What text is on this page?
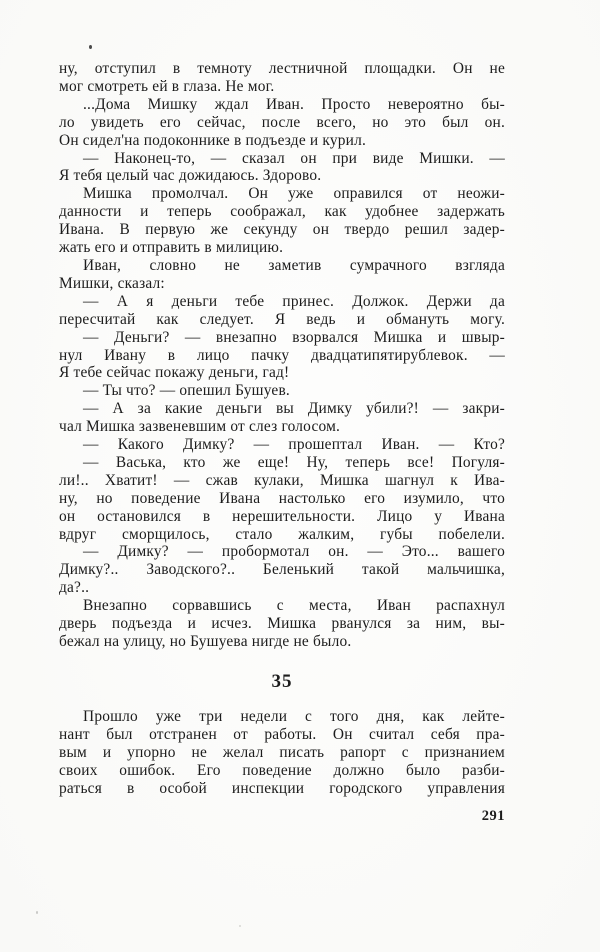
ну, отступил в темноту лестничной площадки. Он не
мог смотреть ей в глаза. Не мог.
...Дома Мишку ждал Иван. Просто невероятно бы-
ло увидеть его сейчас, после всего, но это был он.
Он сидел'на подоконнике в подъезде и курил.
— Наконец-то, — сказал он при виде Мишки. —
Я тебя целый час дожидаюсь. Здорово.
Мишка промолчал. Он уже оправился от неожи-
данности и теперь соображал, как удобнее задержать
Ивана. В первую же секунду он твердо решил задер-
жать его и отправить в милицию.
Иван, словно не заметив сумрачного взгляда
Мишки, сказал:
— А я деньги тебе принес. Должок. Держи да
пересчитай как следует. Я ведь и обмануть могу.
— Деньги? — внезапно взорвался Мишка и швыр-
нул Ивану в лицо пачку двадцатипятирублевок. —
Я тебе сейчас покажу деньги, гад!
— Ты что? — опешил Бушуев.
— А за какие деньги вы Димку убили?! — закри-
чал Мишка зазвеневшим от слез голосом.
— Какого Димку? — прошептал Иван. — Кто?
— Васька, кто же еще! Ну, теперь все! Погуля-
ли!.. Хватит! — сжав кулаки, Мишка шагнул к Ива-
ну, но поведение Ивана настолько его изумило, что
он остановился в нерешительности. Лицо у Ивана
вдруг сморщилось, стало жалким, губы побелели.
— Димку? — пробормотал он. — Это... вашего
Димку?.. Заводского?.. Беленький такой мальчишка,
да?..
Внезапно сорвавшись с места, Иван распахнул
дверь подъезда и исчез. Мишка рванулся за ним, вы-
бежал на улицу, но Бушуева нигде не было.
35
Прошло уже три недели с того дня, как лейте-
нант был отстранен от работы. Он считал себя пра-
вым и упорно не желал писать рапорт с признанием
своих ошибок. Его поведение должно было разби-
раться в особой инспекции городского управления
291
